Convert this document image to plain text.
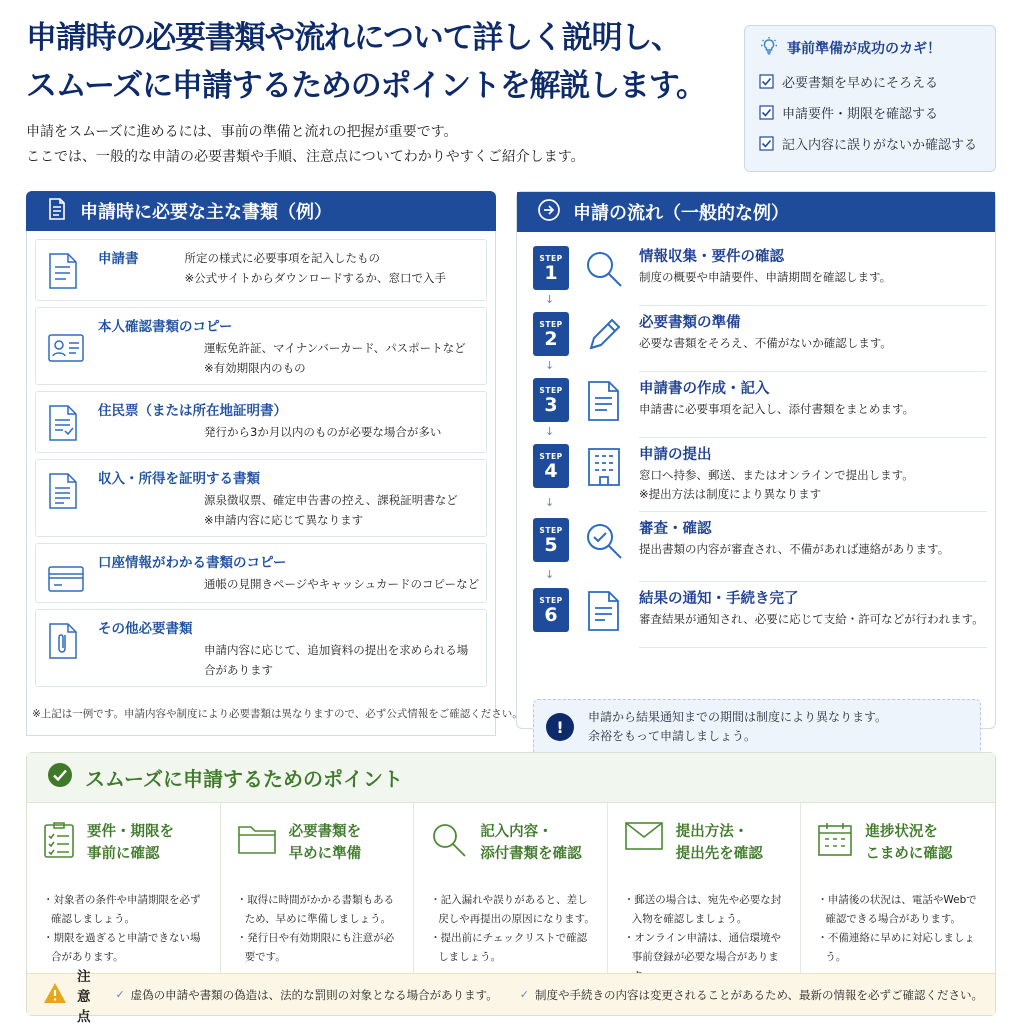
申請時の必要書類や流れについて詳しく説明し、
スムーズに申請するためのポイントを解説します。
申請をスムーズに進めるには、事前の準備と流れの把握が重要です。
ここでは、一般的な申請の必要書類や手順、注意点についてわかりやすくご紹介します。
事前準備が成功のカギ！
必要書類を早めにそろえる
申請要件・期限を確認する
記入内容に誤りがないか確認する
申請時に必要な主な書類（例）
申請書	所定の様式に必要事項を記入したもの
※公式サイトからダウンロードするか、窓口で入手
本人確認書類のコピー
運転免許証、マイナンバーカード、パスポートなど
※有効期限内のもの
住民票（または所在地証明書）
発行から3か月以内のものが必要な場合が多い
収入・所得を証明する書類
源泉徴収票、確定申告書の控え、課税証明書など
※申請内容に応じて異なります
口座情報がわかる書類のコピー
通帳の見開きページやキャッシュカードのコピーなど
その他必要書類
申請内容に応じて、追加資料の提出を求められる場
合があります
※上記は一例です。申請内容や制度により必要書類は異なりますので、必ず公式情報をご確認ください。
申請の流れ（一般的な例）
STEP
1
↓
情報収集・要件の確認
制度の概要や申請要件、申請期間を確認します。
STEP
2
↓
必要書類の準備
必要な書類をそろえ、不備がないか確認します。
STEP
3
↓
申請書の作成・記入
申請書に必要事項を記入し、添付書類をまとめます。
STEP
4
↓
申請の提出
窓口へ持参、郵送、またはオンラインで提出します。
※提出方法は制度により異なります
STEP
5
↓
審査・確認
提出書類の内容が審査され、不備があれば連絡があります。
STEP
6
結果の通知・手続き完了
審査結果が通知され、必要に応じて支給・許可などが行われます。
!
申請から結果通知までの期間は制度により異なります。
余裕をもって申請しましょう。
スムーズに申請するためのポイント
要件・期限を
事前に確認
・対象者の条件や申請期限を必ず確認しましょう。
・期限を過ぎると申請できない場合があります。
必要書類を
早めに準備
・取得に時間がかかる書類もあるため、早めに準備しましょう。
・発行日や有効期限にも注意が必要です。
記入内容・
添付書類を確認
・記入漏れや誤りがあると、差し戻しや再提出の原因になります。
・提出前にチェックリストで確認しましょう。
提出方法・
提出先を確認
・郵送の場合は、宛先や必要な封入物を確認しましょう。
・オンライン申請は、通信環境や事前登録が必要な場合がありま
進捗状況を
こまめに確認
・申請後の状況は、電話やWebで確認できる場合があります。
・不備連絡に早めに対応しましょう。
注意点
✓ 虚偽の申請や書類の偽造は、法的な罰則の対象となる場合があります。 ✓ 制度や手続きの内容は変更されることがあるため、最新の情報を必ずご確認ください。
